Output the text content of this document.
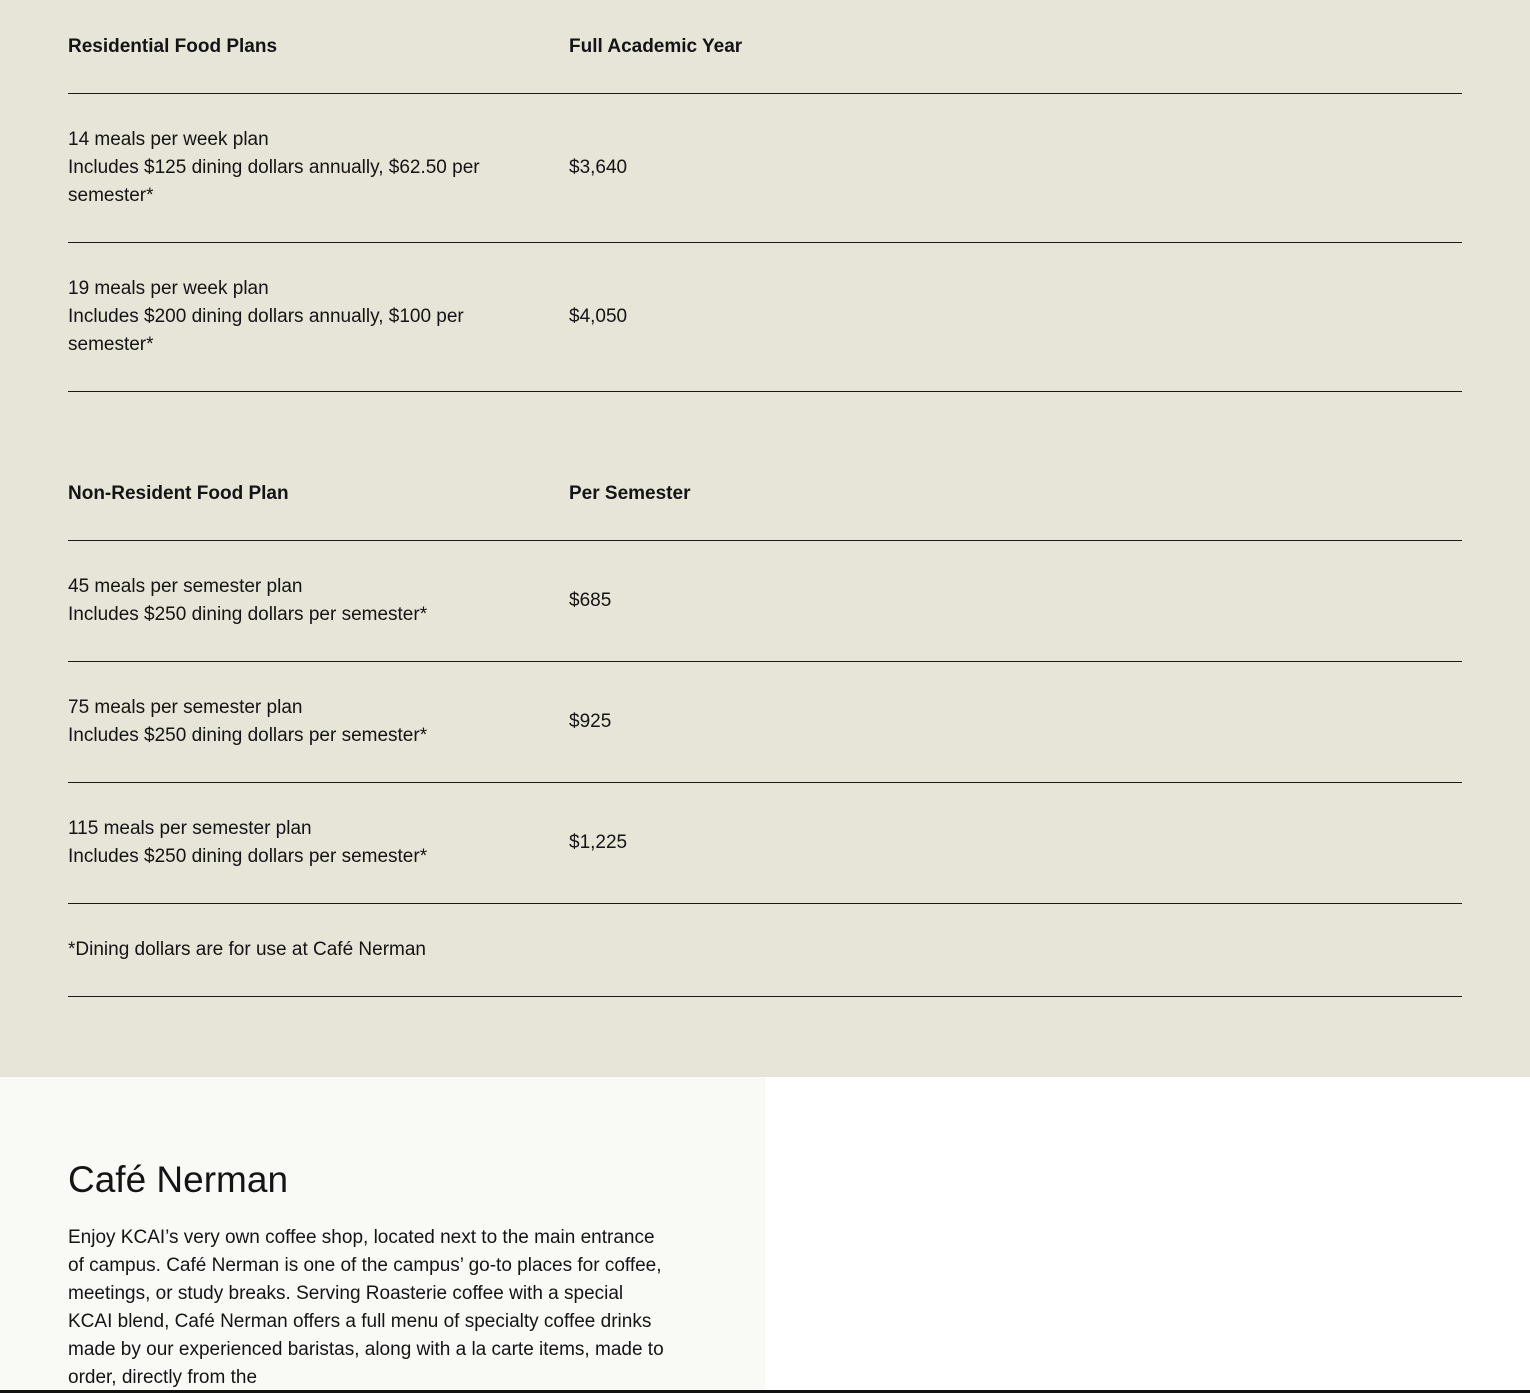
Residential Food Plans	Full Academic Year

14 meals per week plan
Includes $125 dining dollars annually, $62.50 per semester*	$3,640

19 meals per week plan
Includes $200 dining dollars annually, $100 per semester*	$4,050
Non-Resident Food Plan	Per Semester

45 meals per semester plan
Includes $250 dining dollars per semester*	$685

75 meals per semester plan
Includes $250 dining dollars per semester*	$925

115 meals per semester plan
Includes $250 dining dollars per semester*	$1,225
*Dining dollars are for use at Café Nerman	
Café Nerman

Enjoy KCAI’s very own coffee shop, located next to the main entrance of campus. Café Nerman is one of the campus’ go-to places for coffee, meetings, or study breaks. Serving Roasterie coffee with a special KCAI blend, Café Nerman offers a full menu of specialty coffee drinks made by our experienced baristas, along with a la carte items, made to order, directly from the
